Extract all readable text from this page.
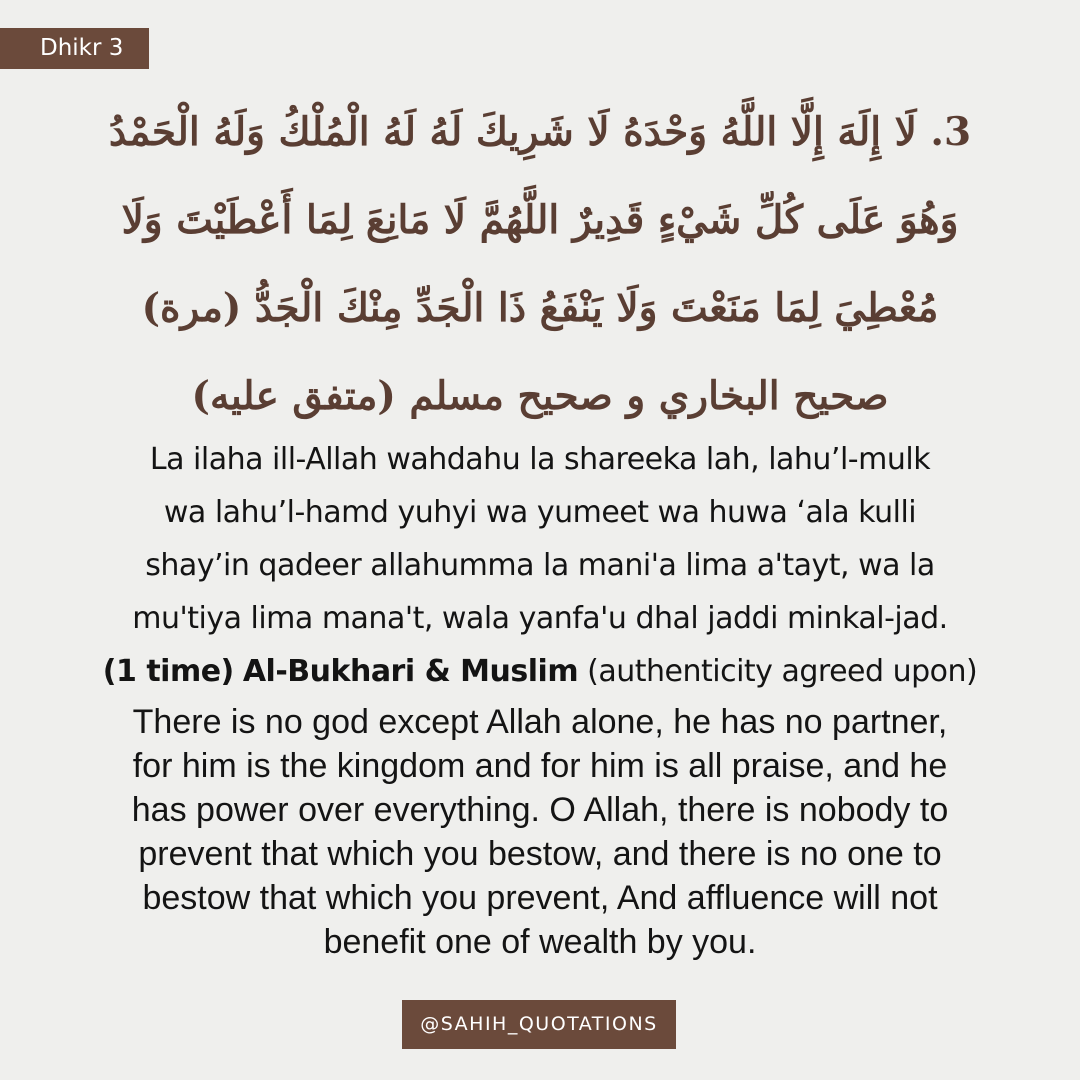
Dhikr 3

3. لَا إِلَهَ إِلَّا اللَّهُ وَحْدَهُ لَا شَرِيكَ لَهُ لَهُ الْمُلْكُ وَلَهُ الْحَمْدُ

وَهُوَ عَلَى كُلِّ شَيْءٍ قَدِيرٌ اللَّهُمَّ لَا مَانِعَ لِمَا أَعْطَيْتَ وَلَا

مُعْطِيَ لِمَا مَنَعْتَ وَلَا يَنْفَعُ ذَا الْجَدِّ مِنْكَ الْجَدُّ (مرة)

صحيح البخاري و صحيح مسلم (متفق عليه)

La ilaha ill-Allah wahdahu la shareeka lah, lahu’l-mulk

wa lahu’l-hamd yuhyi wa yumeet wa huwa ‘ala kulli

shay’in qadeer allahumma la mani'a lima a'tayt, wa la

mu'tiya lima mana't, wala yanfa'u dhal jaddi minkal-jad.

(1 time) Al-Bukhari & Muslim (authenticity agreed upon)

There is no god except Allah alone, he has no partner,

for him is the kingdom and for him is all praise, and he

has power over everything. O Allah, there is nobody to

prevent that which you bestow, and there is no one to

bestow that which you prevent, And affluence will not

benefit one of wealth by you.

@SAHIH_QUOTATIONS
